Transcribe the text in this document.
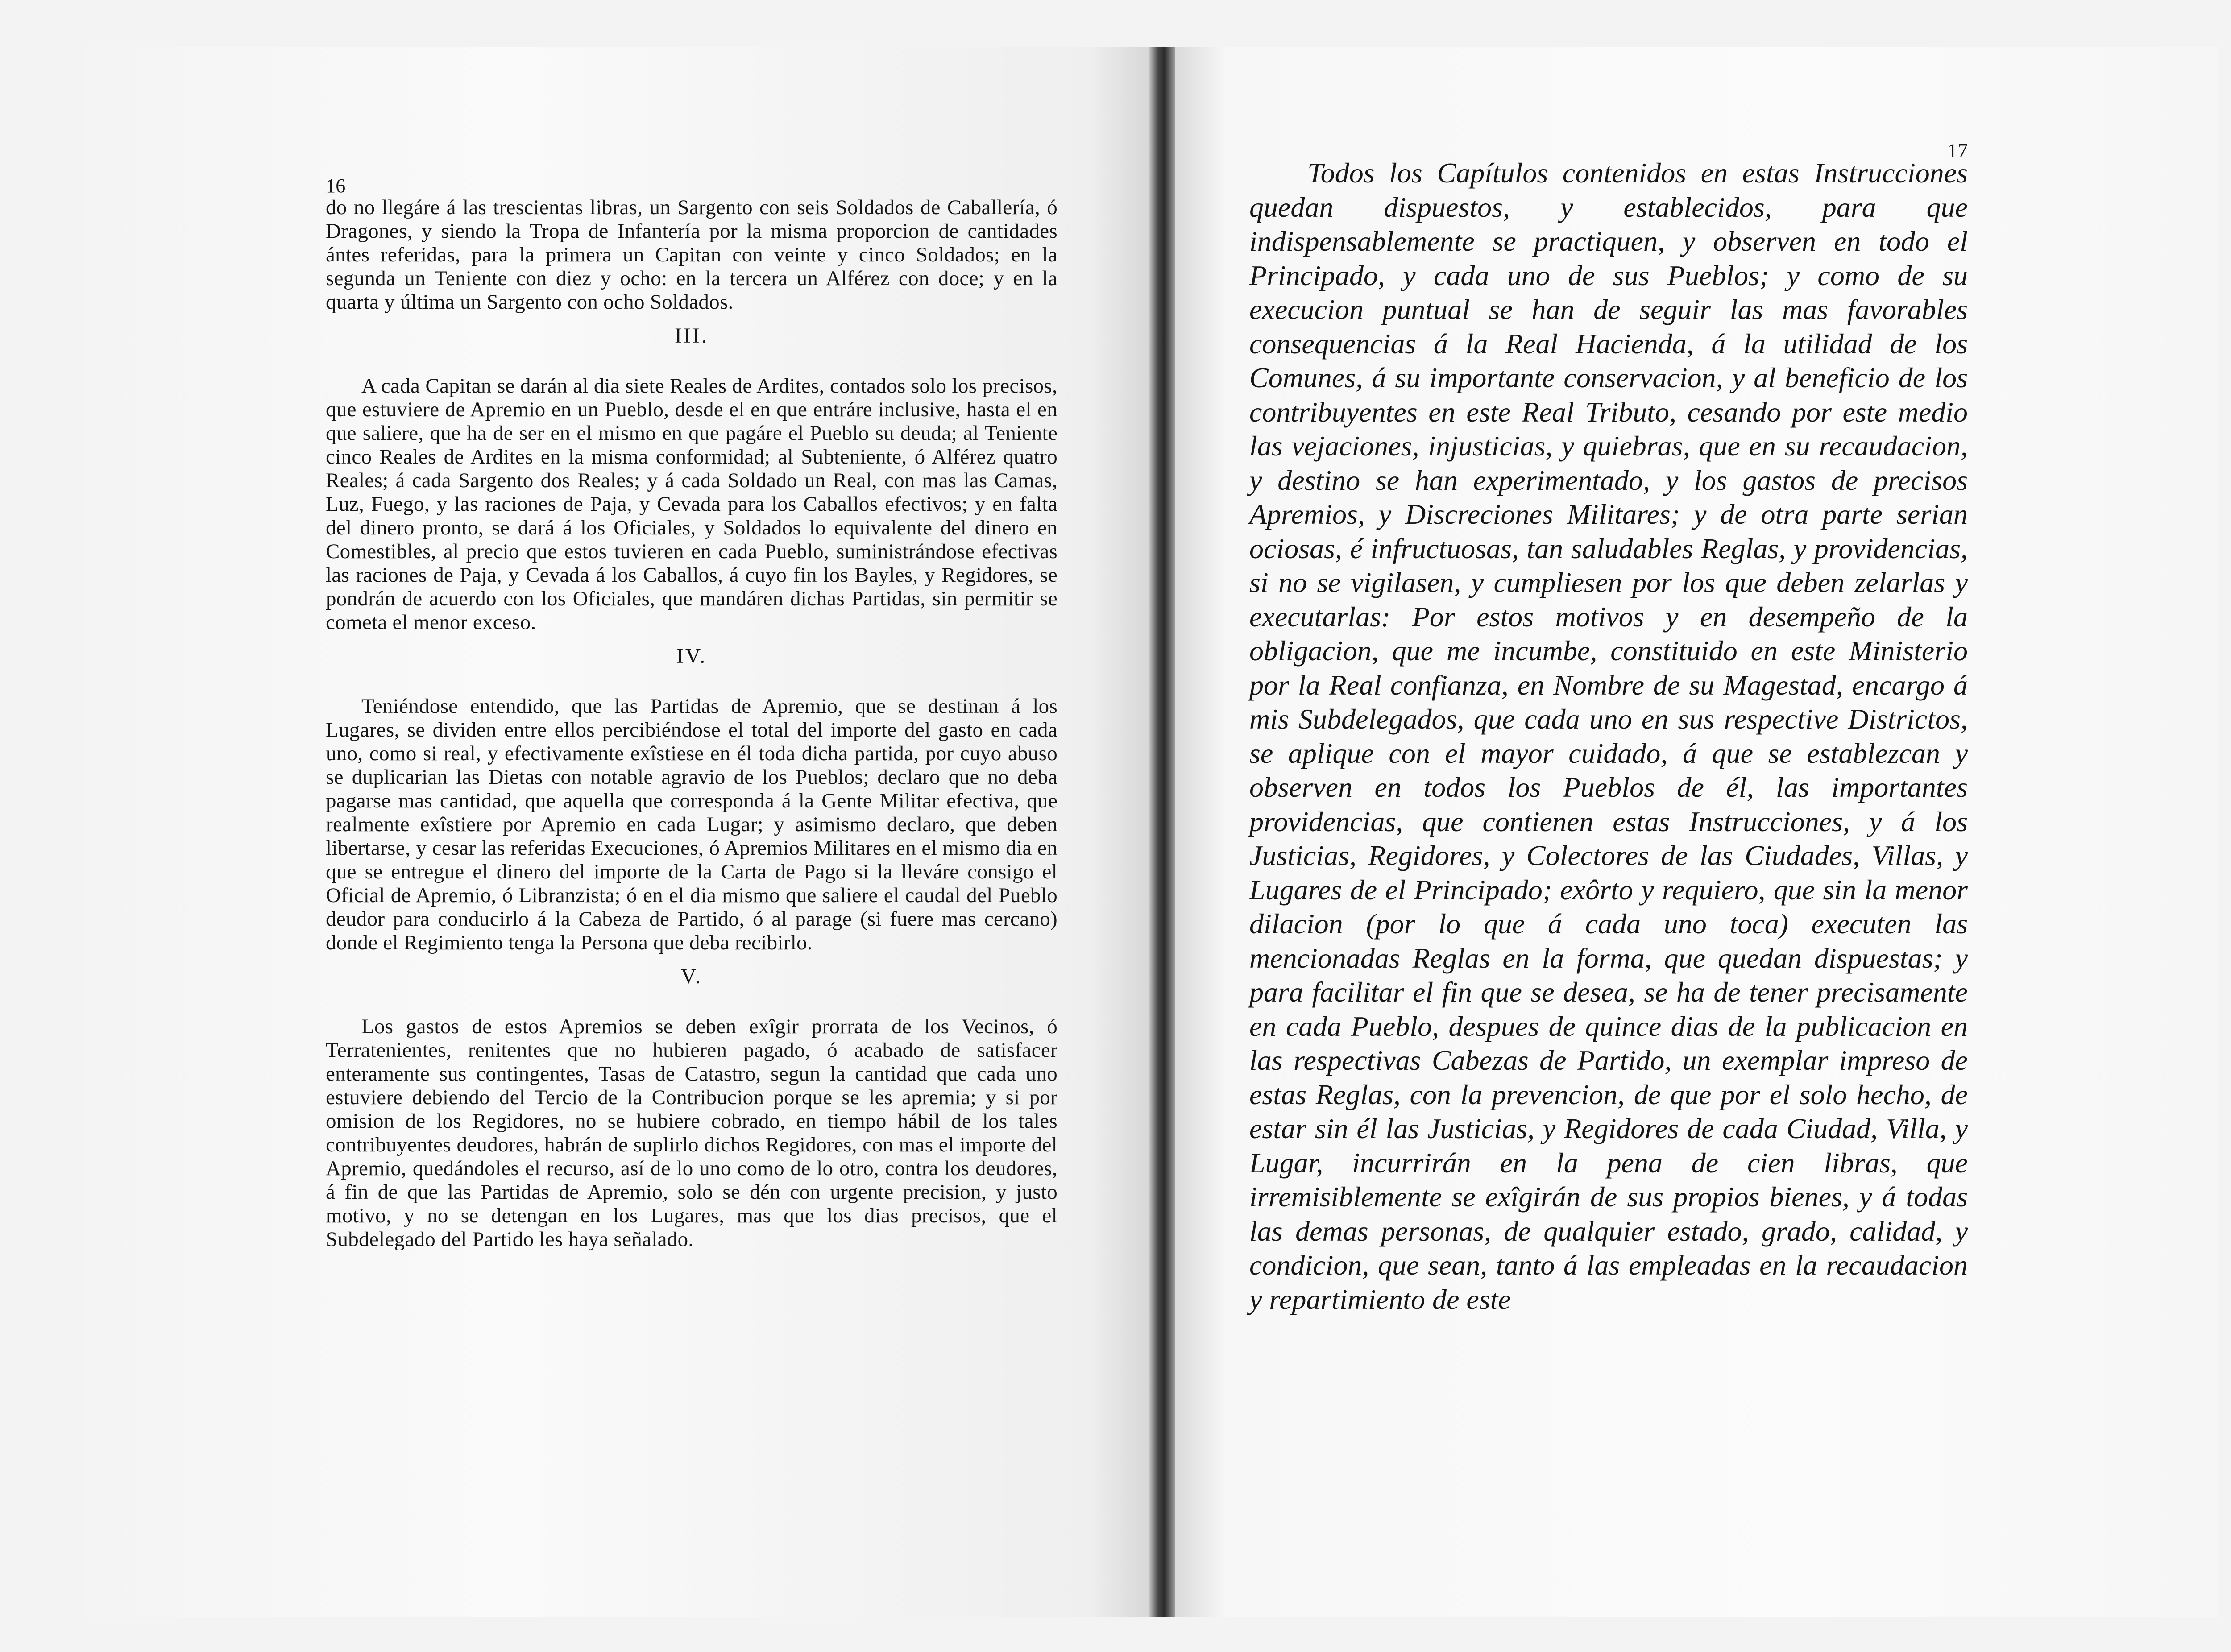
16

do no llegáre á las trescientas libras, un Sargento con seis Soldados de Caballería, ó Dragones, y siendo la Tropa de Infantería por la misma proporcion de cantidades ántes referidas, para la primera un Capitan con veinte y cinco Soldados; en la segunda un Teniente con diez y ocho: en la tercera un Alférez con doce; y en la quarta y última un Sargento con ocho Soldados.

III.

A cada Capitan se darán al dia siete Reales de Ardites, contados solo los precisos, que estuviere de Apremio en un Pueblo, desde el en que entráre inclusive, hasta el en que saliere, que ha de ser en el mismo en que pagáre el Pueblo su deuda; al Teniente cinco Reales de Ardites en la misma conformidad; al Subteniente, ó Alférez quatro Reales; á cada Sargento dos Reales; y á cada Soldado un Real, con mas las Camas, Luz, Fuego, y las raciones de Paja, y Cevada para los Caballos efectivos; y en falta del dinero pronto, se dará á los Oficiales, y Soldados lo equivalente del dinero en Comestibles, al precio que estos tuvieren en cada Pueblo, suministrándose efectivas las raciones de Paja, y Cevada á los Caballos, á cuyo fin los Bayles, y Regidores, se pondrán de acuerdo con los Oficiales, que mandáren dichas Partidas, sin permitir se cometa el menor exceso.

IV.

Teniéndose entendido, que las Partidas de Apremio, que se destinan á los Lugares, se dividen entre ellos percibiéndose el total del importe del gasto en cada uno, como si real, y efectivamente exîstiese en él toda dicha partida, por cuyo abuso se duplicarian las Dietas con notable agravio de los Pueblos; declaro que no deba pagarse mas cantidad, que aquella que corresponda á la Gente Militar efectiva, que realmente exîstiere por Apremio en cada Lugar; y asimismo declaro, que deben libertarse, y cesar las referidas Execuciones, ó Apremios Militares en el mismo dia en que se entregue el dinero del importe de la Carta de Pago si la lleváre consigo el Oficial de Apremio, ó Libranzista; ó en el dia mismo que saliere el caudal del Pueblo deudor para conducirlo á la Cabeza de Partido, ó al parage (si fuere mas cercano) donde el Regimiento tenga la Persona que deba recibirlo.

V.

Los gastos de estos Apremios se deben exîgir prorrata de los Vecinos, ó Terratenientes, renitentes que no hubieren pagado, ó acabado de satisfacer enteramente sus contingentes, Tasas de Catastro, segun la cantidad que cada uno estuviere debiendo del Tercio de la Contribucion porque se les apremia; y si por omision de los Regidores, no se hubiere cobrado, en tiempo hábil de los tales contribuyentes deudores, habrán de suplirlo dichos Regidores, con mas el importe del Apremio, quedándoles el recurso, así de lo uno como de lo otro, contra los deudores, á fin de que las Partidas de Apremio, solo se dén con urgente precision, y justo motivo, y no se detengan en los Lugares, mas que los dias precisos, que el Subdelegado del Partido les haya señalado.

17

Todos los Capítulos contenidos en estas Instrucciones quedan dispuestos, y establecidos, para que indispensablemente se practiquen, y observen en todo el Principado, y cada uno de sus Pueblos; y como de su execucion puntual se han de seguir las mas favorables consequencias á la Real Hacienda, á la utilidad de los Comunes, á su importante conservacion, y al beneficio de los contribuyentes en este Real Tributo, cesando por este medio las vejaciones, injusticias, y quiebras, que en su recaudacion, y destino se han experimentado, y los gastos de precisos Apremios, y Discreciones Militares; y de otra parte serian ociosas, é infructuosas, tan saludables Reglas, y providencias, si no se vigilasen, y cumpliesen por los que deben zelarlas y executarlas: Por estos motivos y en desempeño de la obligacion, que me incumbe, constituido en este Ministerio por la Real confianza, en Nombre de su Magestad, encargo á mis Subdelegados, que cada uno en sus respective Districtos, se aplique con el mayor cuidado, á que se establezcan y observen en todos los Pueblos de él, las importantes providencias, que contienen estas Instrucciones, y á los Justicias, Regidores, y Colectores de las Ciudades, Villas, y Lugares de el Principado; exôrto y requiero, que sin la menor dilacion (por lo que á cada uno toca) executen las mencionadas Reglas en la forma, que quedan dispuestas; y para facilitar el fin que se desea, se ha de tener precisamente en cada Pueblo, despues de quince dias de la publicacion en las respectivas Cabezas de Partido, un exemplar impreso de estas Reglas, con la prevencion, de que por el solo hecho, de estar sin él las Justicias, y Regidores de cada Ciudad, Villa, y Lugar, incurrirán en la pena de cien libras, que irremisiblemente se exîgirán de sus propios bienes, y á todas las demas personas, de qualquier estado, grado, calidad, y condicion, que sean, tanto á las empleadas en la recaudacion y repartimiento de este
